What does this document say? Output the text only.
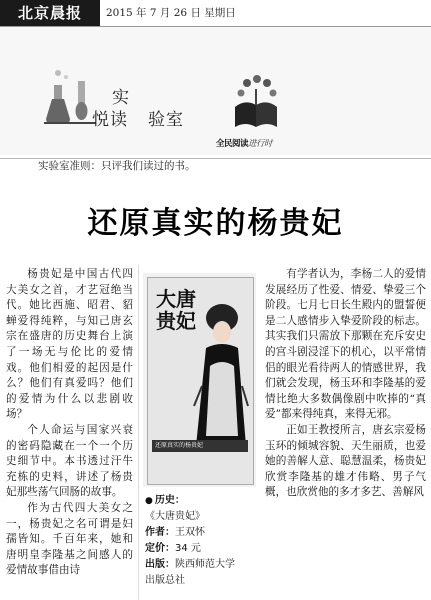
北京晨报	2015 年 7 月 26 日 星期日
悦读
实
验室
全民阅读进行时
实验室准则：只评我们读过的书。
还原真实的杨贵妃

杨贵妃是中国古代四大美女之首，才艺冠绝当代。她比西施、昭君、貂蝉爱得纯粹，与知己唐玄宗在盛唐的历史舞台上演了一场无与伦比的爱情戏。他们相爱的起因是什么？他们有真爱吗？他们的爱情为什么以悲剧收场？

个人命运与国家兴衰的密码隐藏在一个一个历史细节中。本书透过汗牛充栋的史料，讲述了杨贵妃那些荡气回肠的故事。

作为古代四大美女之一，杨贵妃之名可谓是妇孺皆知。千百年来，她和唐明皇李隆基之间感人的爱情故事借由诗

大唐
贵妃
还原真实的杨贵妃
● 历史：
《大唐贵妃》
作者：王双怀
定价：34 元
出版：陕西师范大学
出版总社

有学者认为，李杨二人的爱情发展经历了性爱、情爱、挚爱三个阶段。七月七日长生殿内的盟誓便是二人感情步入挚爱阶段的标志。其实我们只需放下那颗在充斥安史的宫斗剧浸淫下的机心，以平常情侣的眼光看待两人的情感世界，我们就会发现，杨玉环和李隆基的爱情比绝大多数偶像剧中吹捧的“真爱”都来得纯真，来得无邪。

正如王教授所言，唐玄宗爱杨玉环的倾城容貌、天生丽质，也爱她的善解人意、聪慧温柔，杨贵妃欣赏李隆基的雄才伟略、男子气概，也欣赏他的多才多艺、善解风
